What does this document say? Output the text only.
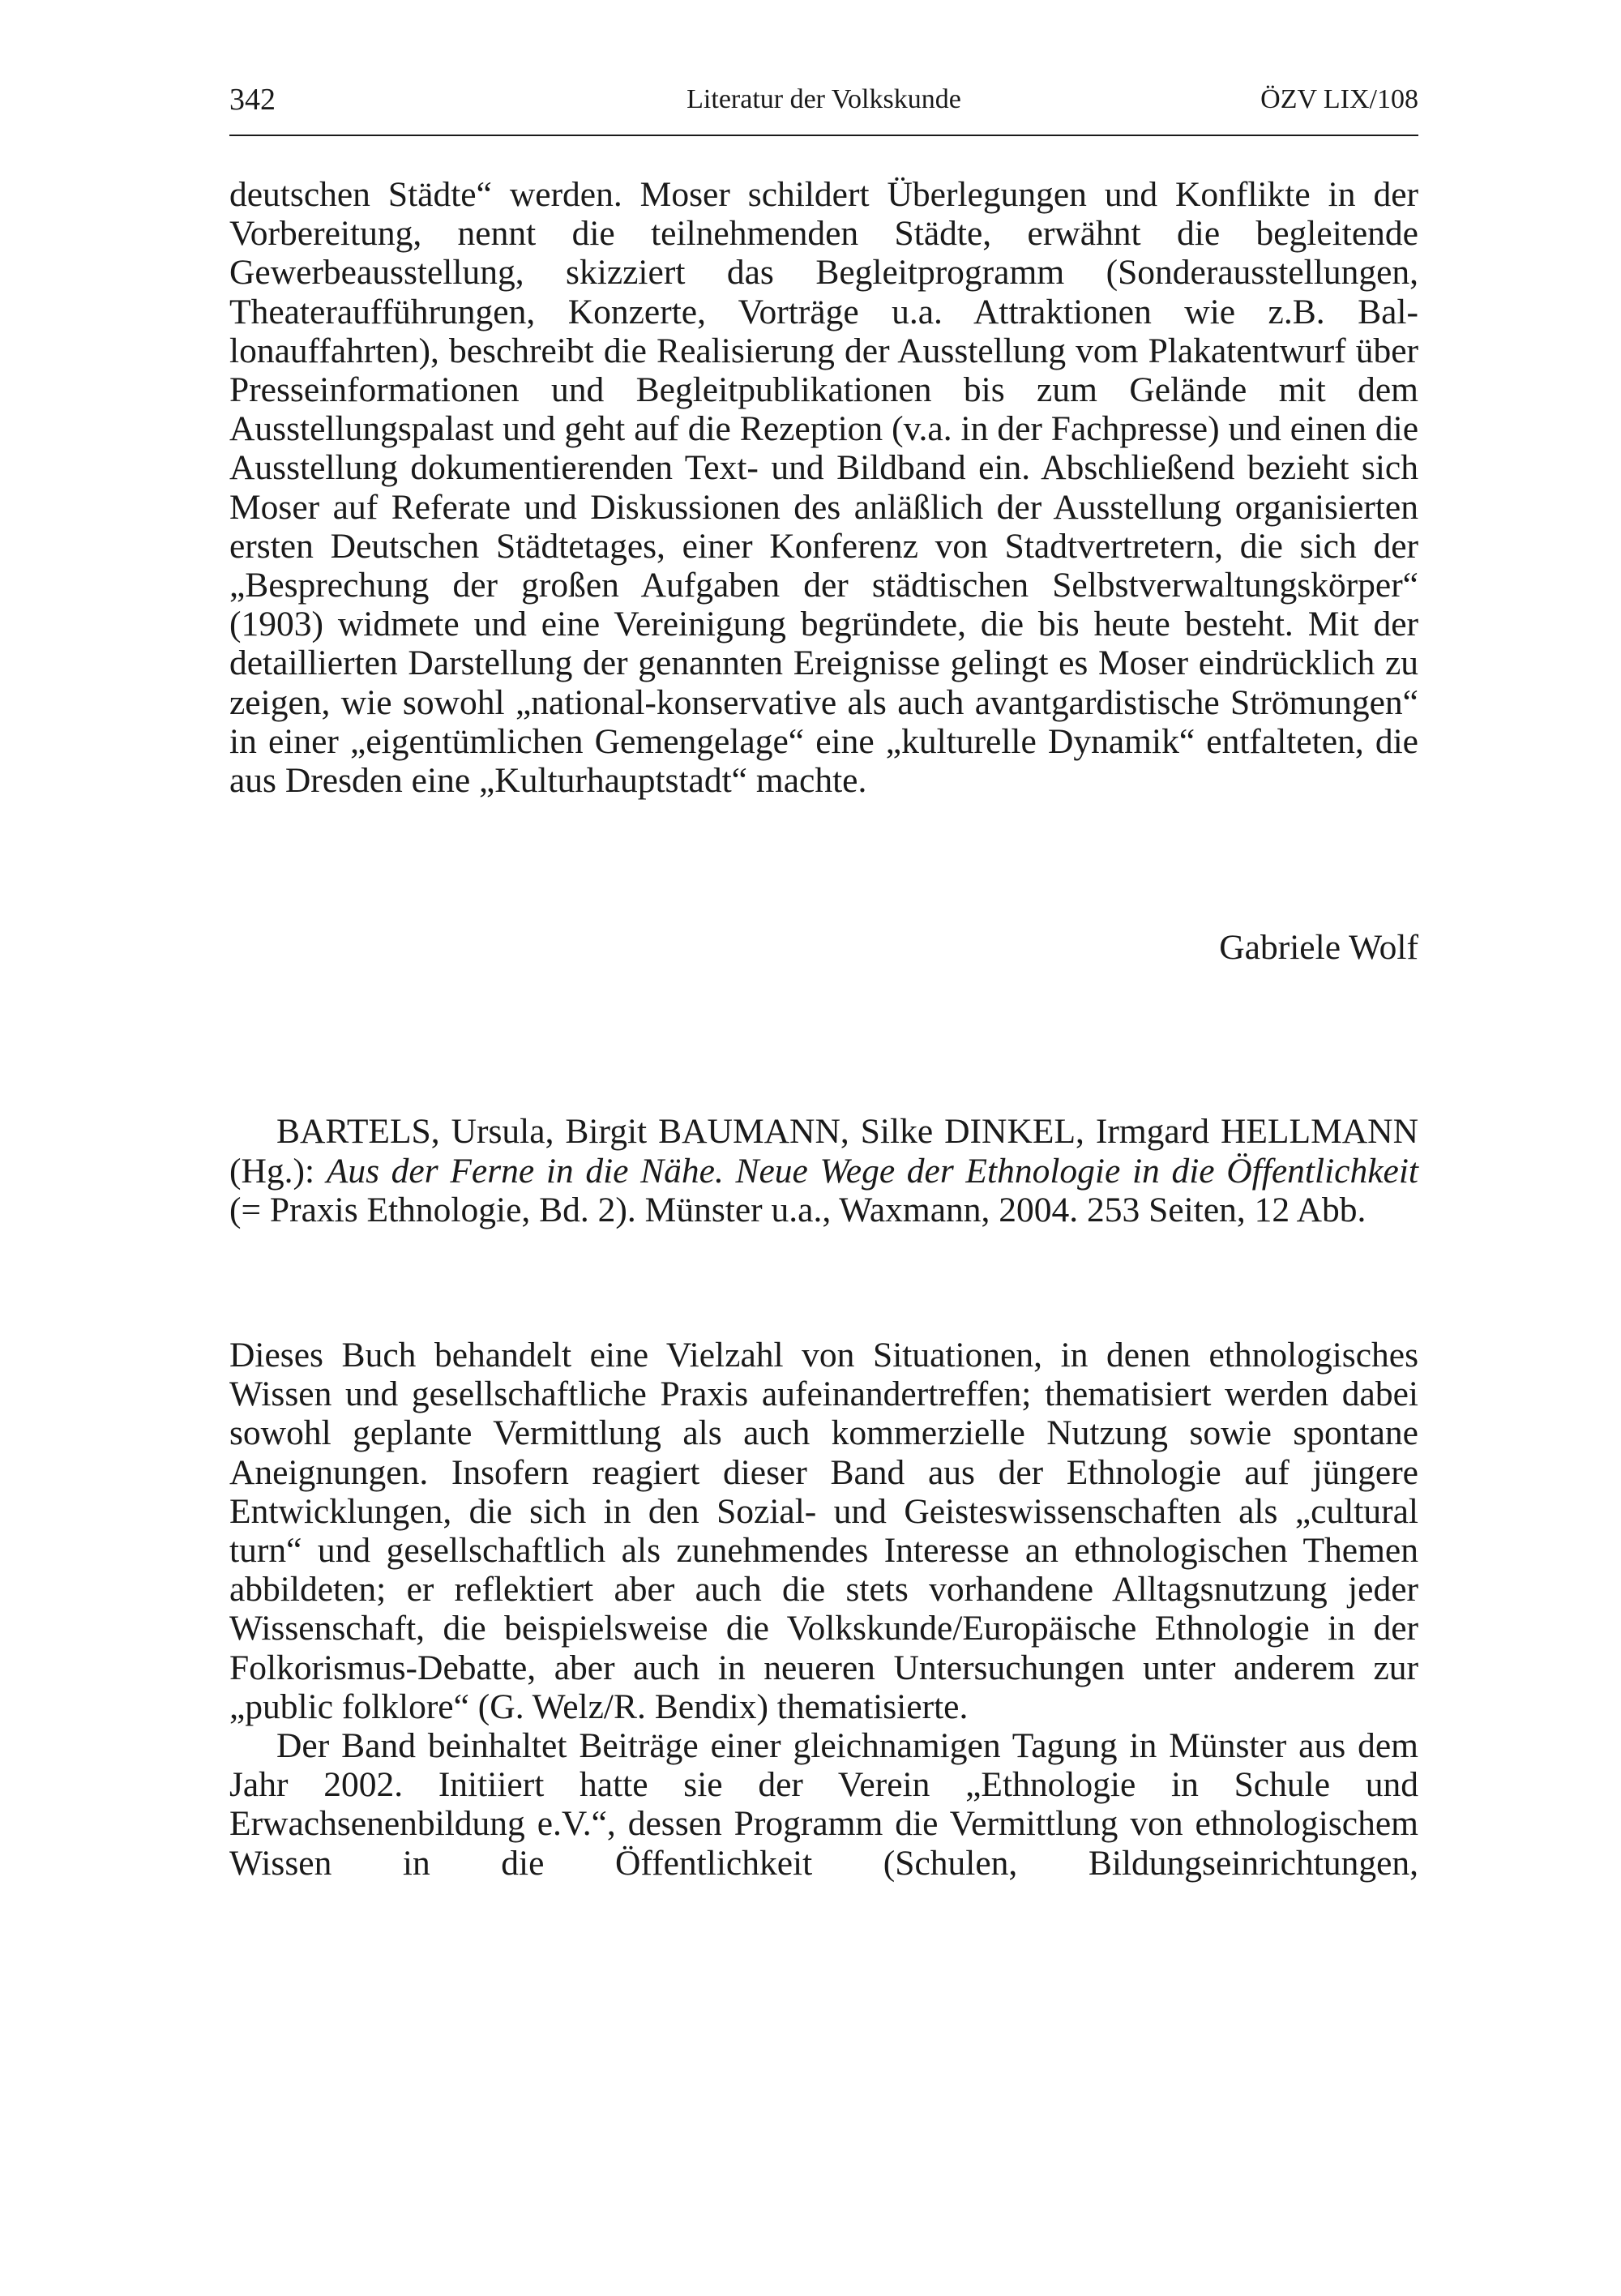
342	Literatur der Volkskunde	ÖZV LIX/108

deutschen Städte“ werden. Moser schildert Überlegungen und Konflikte in der Vorbereitung, nennt die teilnehmenden Städte, erwähnt die begleitende Gewerbeausstellung, skizziert das Begleitprogramm (Sonderausstellungen, Theateraufführungen, Konzerte, Vorträge u.a. Attraktionen wie z.B. Ballonauffahrten), beschreibt die Realisierung der Ausstellung vom Plakatentwurf über Presseinformationen und Begleitpublikationen bis zum Gelände mit dem Ausstellungspalast und geht auf die Rezeption (v.a. in der Fachpresse) und einen die Ausstellung dokumentierenden Text- und Bildband ein. Abschließend bezieht sich Moser auf Referate und Diskussionen des anläßlich der Ausstellung organisierten ersten Deutschen Städtetages, einer Konferenz von Stadtvertretern, die sich der „Besprechung der großen Aufgaben der städtischen Selbstverwaltungskörper“ (1903) widmete und eine Vereinigung begründete, die bis heute besteht. Mit der detaillierten Darstellung der genannten Ereignisse gelingt es Moser eindrücklich zu zeigen, wie sowohl „national-konservative als auch avantgardistische Strömungen“ in einer „eigentümlichen Gemengelage“ eine „kulturelle Dynamik“ entfalteten, die aus Dresden eine „Kulturhauptstadt“ machte.

Gabriele Wolf
BARTELS, Ursula, Birgit BAUMANN, Silke DINKEL, Irmgard HELLMANN (Hg.): Aus der Ferne in die Nähe. Neue Wege der Ethnologie in die Öffentlichkeit (= Praxis Ethnologie, Bd. 2). Münster u.a., Waxmann, 2004. 253 Seiten, 12 Abb.

Dieses Buch behandelt eine Vielzahl von Situationen, in denen ethnologisches Wissen und gesellschaftliche Praxis aufeinandertreffen; thematisiert werden dabei sowohl geplante Vermittlung als auch kommerzielle Nutzung sowie spontane Aneignungen. Insofern reagiert dieser Band aus der Ethnologie auf jüngere Entwicklungen, die sich in den Sozial- und Geisteswissenschaften als „cultural turn“ und gesellschaftlich als zunehmendes Interesse an ethnologischen Themen abbildeten; er reflektiert aber auch die stets vorhandene Alltagsnutzung jeder Wissenschaft, die beispielsweise die Volkskunde/Europäische Ethnologie in der Folkorismus-Debatte, aber auch in neueren Untersuchungen unter anderem zur „public folklore“ (G. Welz/R. Bendix) thematisierte.

Der Band beinhaltet Beiträge einer gleichnamigen Tagung in Münster aus dem Jahr 2002. Initiiert hatte sie der Verein „Ethnologie in Schule und Erwachsenenbildung e.V.“, dessen Programm die Vermittlung von ethnologischem Wissen in die Öffentlichkeit (Schulen, Bildungseinrichtungen,
